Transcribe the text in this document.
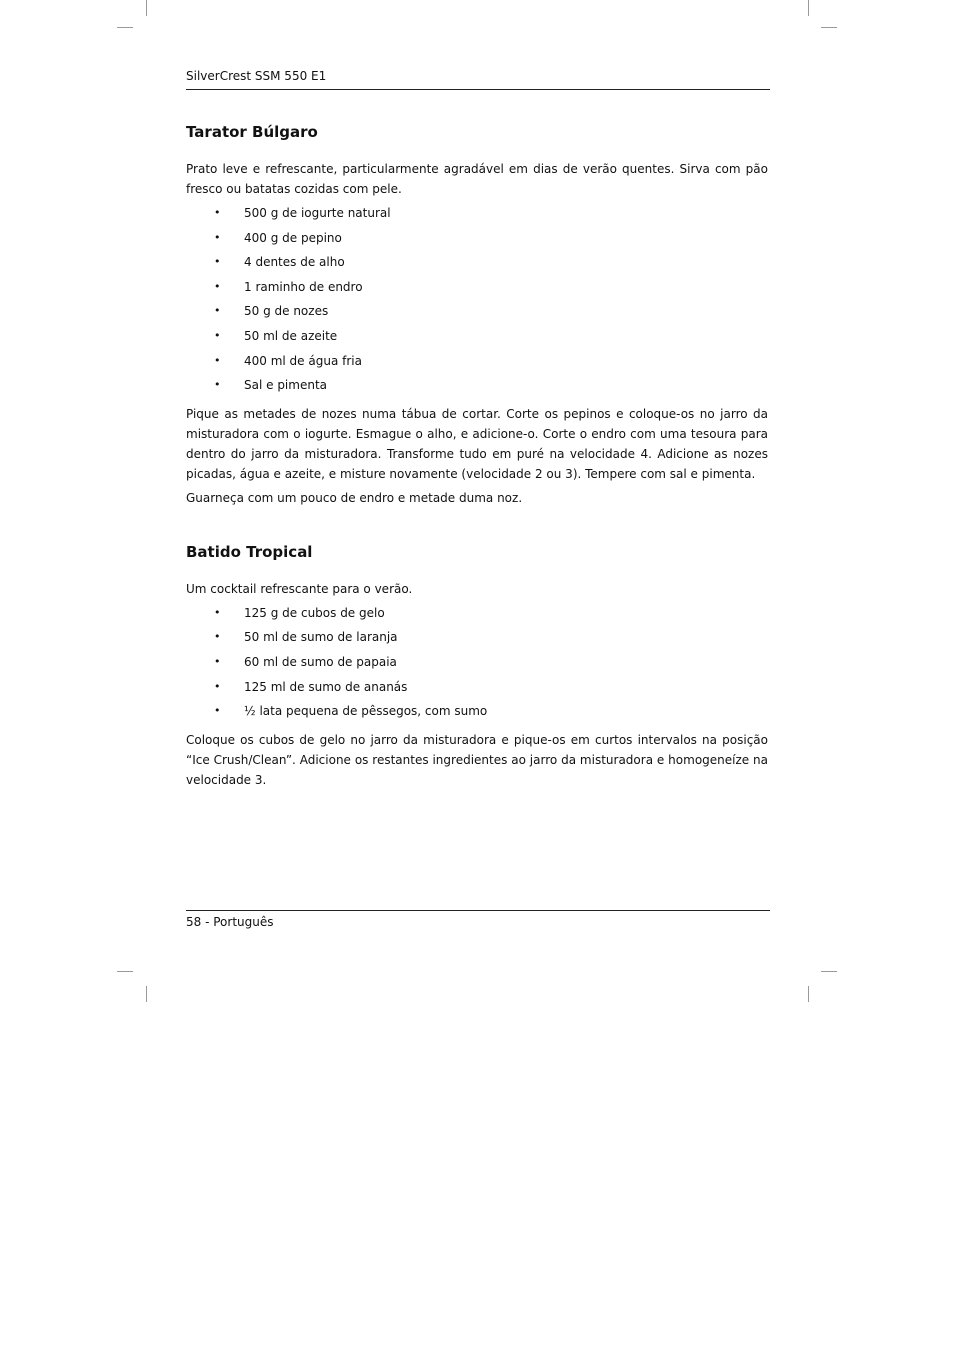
SilverCrest SSM 550 E1
Tarator Búlgaro

Prato leve e refrescante, particularmente agradável em dias de verão quentes. Sirva com pão fresco ou batatas cozidas com pele.

• 500 g de iogurte natural
• 400 g de pepino
• 4 dentes de alho
• 1 raminho de endro
• 50 g de nozes
• 50 ml de azeite
• 400 ml de água fria
• Sal e pimenta

Pique as metades de nozes numa tábua de cortar. Corte os pepinos e coloque-os no jarro da misturadora com o iogurte. Esmague o alho, e adicione-o. Corte o endro com uma tesoura para dentro do jarro da misturadora. Transforme tudo em puré na velocidade 4. Adicione as nozes picadas, água e azeite, e misture novamente (velocidade 2 ou 3). Tempere com sal e pimenta.

Guarneça com um pouco de endro e metade duma noz.

Batido Tropical

Um cocktail refrescante para o verão.

• 125 g de cubos de gelo
• 50 ml de sumo de laranja
• 60 ml de sumo de papaia
• 125 ml de sumo de ananás
• ½ lata pequena de pêssegos, com sumo

Coloque os cubos de gelo no jarro da misturadora e pique-os em curtos intervalos na posição “Ice Crush/Clean”. Adicione os restantes ingredientes ao jarro da misturadora e homogeneíze na velocidade 3.

58 - Português
